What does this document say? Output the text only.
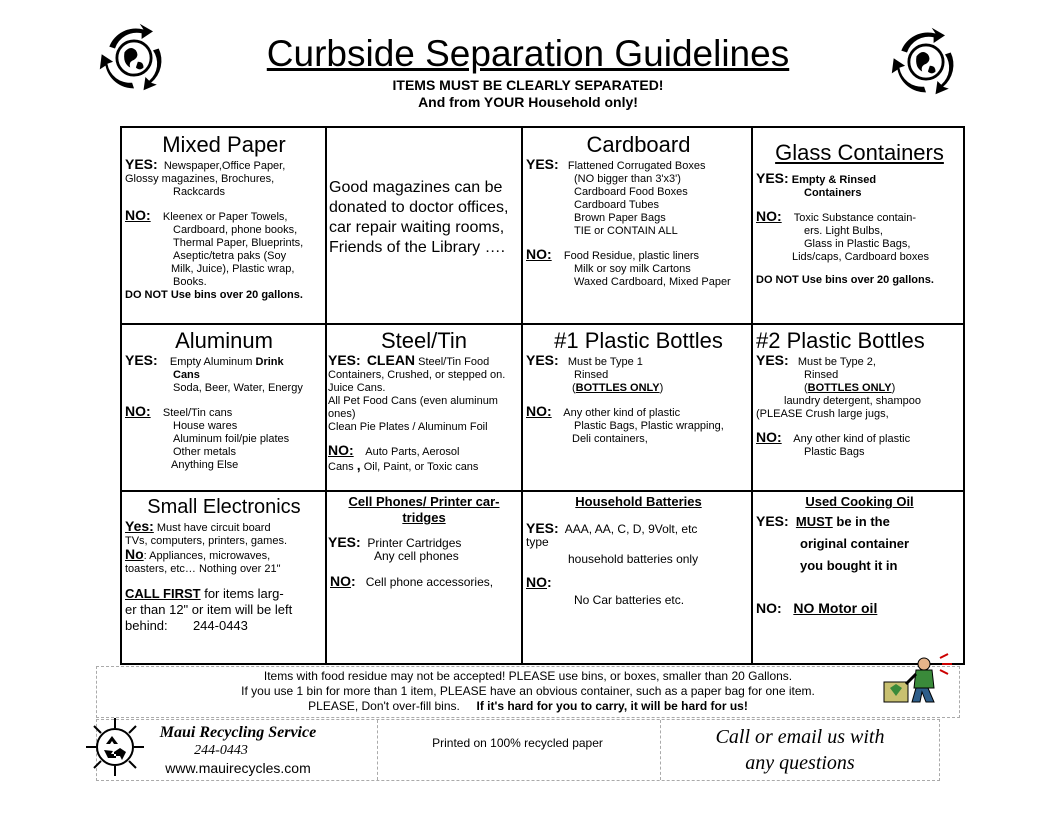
Curbside Separation Guidelines
ITEMS MUST BE CLEARLY SEPARATED!
And from YOUR Household only!

Mixed Paper

YES: Newspaper,Office Paper,

Glossy magazines, Brochures,

Rackcards

NO: Kleenex or Paper Towels,

Cardboard, phone books,

Thermal Paper, Blueprints,

Aseptic/tetra paks (Soy

Milk, Juice), Plastic wrap,

Books.

DO NOT Use bins over 20 gallons.

Good magazines can be donated to doctor offices, car repair waiting rooms, Friends of the Library ….

Cardboard

YES: Flattened Corrugated Boxes

(NO bigger than 3'x3')

Cardboard Food Boxes

Cardboard Tubes

Brown Paper Bags

TIE or CONTAIN ALL

NO: Food Residue, plastic liners

Milk or soy milk Cartons

Waxed Cardboard, Mixed Paper

Glass Containers

YES: Empty & Rinsed

Containers

NO: Toxic Substance contain-

ers. Light Bulbs,

Glass in Plastic Bags,

Lids/caps, Cardboard boxes

DO NOT Use bins over 20 gallons.

Aluminum

YES: Empty Aluminum Drink

Cans

Soda, Beer, Water, Energy

NO: Steel/Tin cans

House wares

Aluminum foil/pie plates

Other metals

Anything Else

Steel/Tin

YES: CLEAN Steel/Tin Food Containers, Crushed, or stepped on. Juice Cans.

All Pet Food Cans (even aluminum ones)

Clean Pie Plates / Aluminum Foil

NO: Auto Parts, Aerosol

Cans , Oil, Paint, or Toxic cans

#1 Plastic Bottles

YES: Must be Type 1

Rinsed

(BOTTLES ONLY)

NO: Any other kind of plastic

Plastic Bags, Plastic wrapping,

Deli containers,

#2 Plastic Bottles

YES: Must be Type 2,

Rinsed

(BOTTLES ONLY)

laundry detergent, shampoo

(PLEASE Crush large jugs,

NO: Any other kind of plastic

Plastic Bags

Small Electronics

Yes: Must have circuit board

TVs, computers, printers, games.

No: Appliances, microwaves,

toasters, etc… Nothing over 21"

CALL FIRST for items larg-

er than 12" or item will be left

behind: 244-0443

Cell Phones/ Printer car-tridges

YES: Printer Cartridges

Any cell phones

NO: Cell phone accessories,

Household Batteries

YES: AAA, AA, C, D, 9Volt, etc

type

household batteries only

NO:

No Car batteries etc.

Used Cooking Oil

YES: MUST be in the

original container

you bought it in

NO: NO Motor oil

Items with food residue may not be accepted! PLEASE use bins, or boxes, smaller than 20 Gallons.
If you use 1 bin for more than 1 item, PLEASE have an obvious container, such as a paper bag for one item.
PLEASE, Don't over-fill bins. If it's hard for you to carry, it will be hard for us!
Maui Recycling Service
244-0443
www.mauirecycles.com
Printed on 100% recycled paper	Call or email us with
any questions
